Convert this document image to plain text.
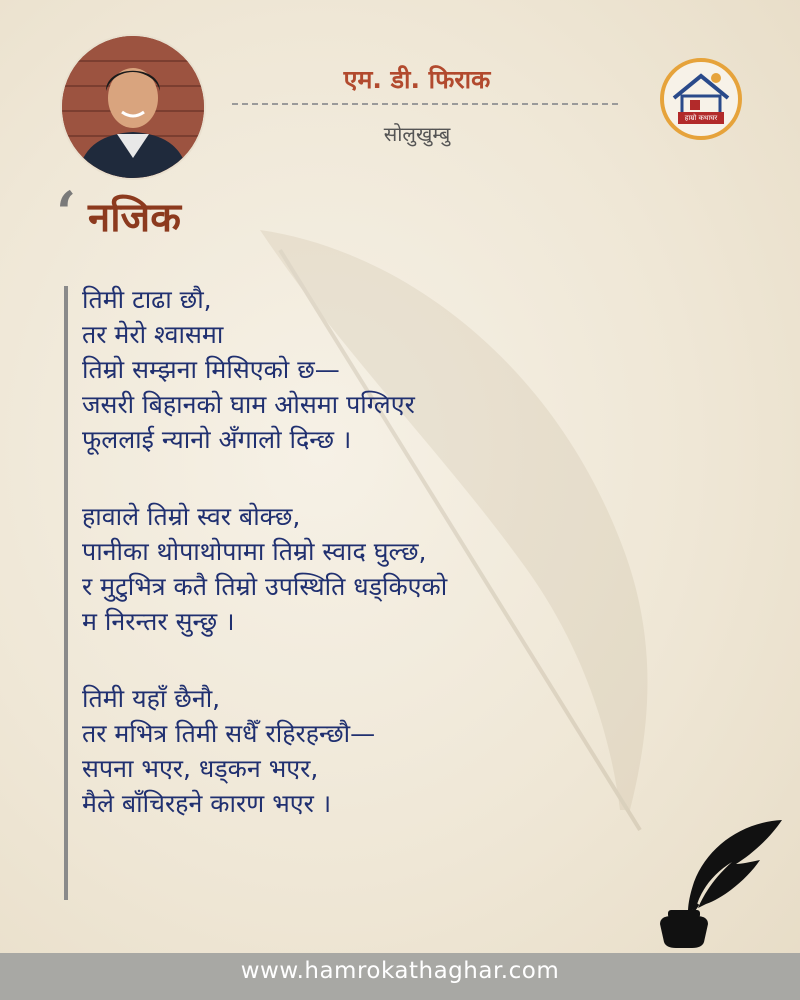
एम. डी. फिराक
सोलुखुम्बु
हाम्रो कथाघर
‘ नजिक
तिमी टाढा छौ,
तर मेरो श्वासमा
तिम्रो सम्झना मिसिएको छ—
जसरी बिहानको घाम ओसमा पग्लिएर
फूललाई न्यानो अँगालो दिन्छ ।
हावाले तिम्रो स्वर बोक्छ,
पानीका थोपाथोपामा तिम्रो स्वाद घुल्छ,
र मुटुभित्र कतै तिम्रो उपस्थिति धड्किएको
म निरन्तर सुन्छु ।
तिमी यहाँ छैनौ,
तर मभित्र तिमी सधैँ रहिरहन्छौ—
सपना भएर, धड्कन भएर,
मैले बाँचिरहने कारण भएर ।
www.hamrokathaghar.com
